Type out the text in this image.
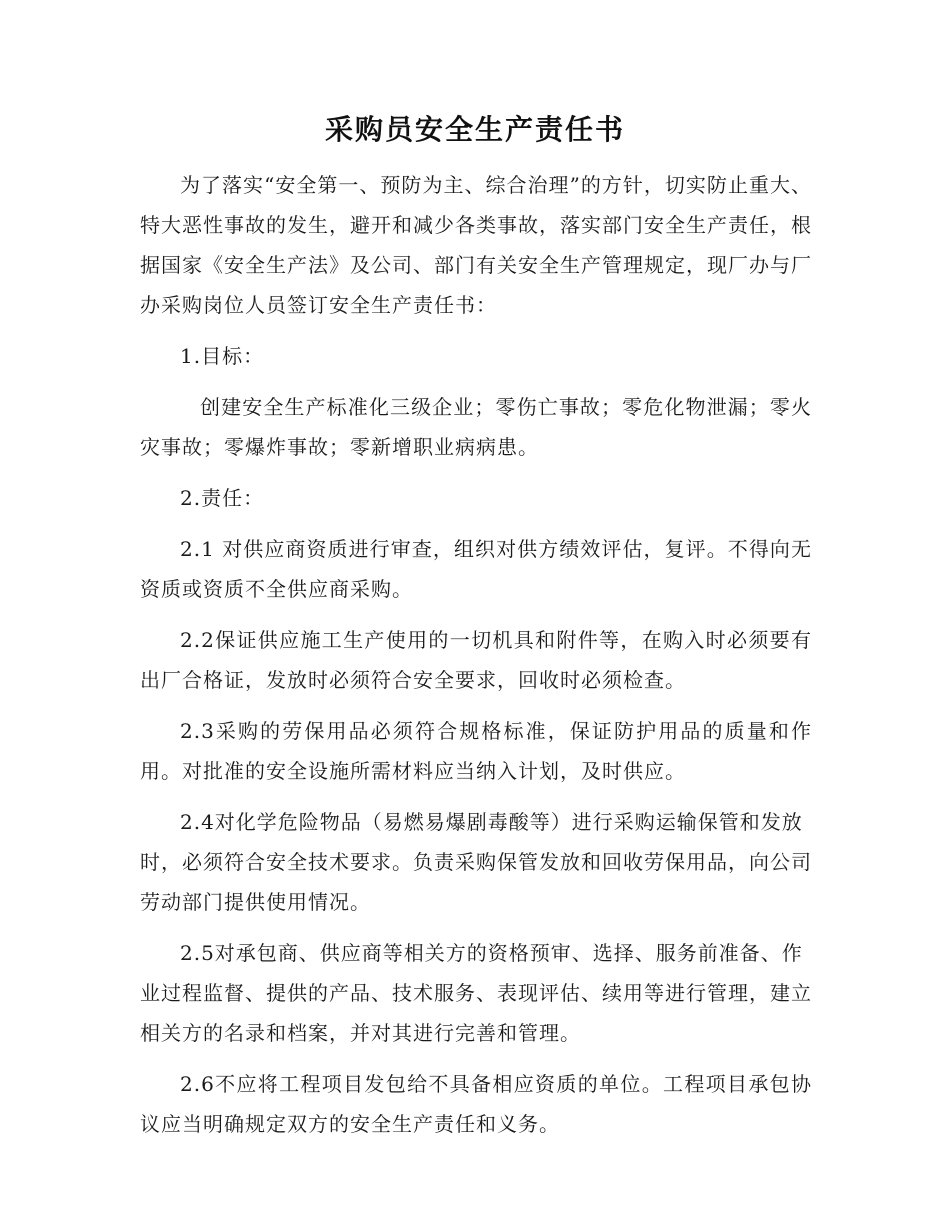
采购员安全生产责任书

为了落实“安全第一、预防为主、综合治理”的方针，切实防止重大、特大恶性事故的发生，避开和减少各类事故，落实部门安全生产责任，根据国家《安全生产法》及公司、部门有关安全生产管理规定，现厂办与厂办采购岗位人员签订安全生产责任书：

1.目标：

创建安全生产标准化三级企业；零伤亡事故；零危化物泄漏；零火灾事故；零爆炸事故；零新增职业病病患。

2.责任：

2.1 对供应商资质进行审查，组织对供方绩效评估，复评。不得向无资质或资质不全供应商采购。

2.2保证供应施工生产使用的一切机具和附件等，在购入时必须要有出厂合格证，发放时必须符合安全要求，回收时必须检查。

2.3采购的劳保用品必须符合规格标准，保证防护用品的质量和作用。对批准的安全设施所需材料应当纳入计划，及时供应。

2.4对化学危险物品（易燃易爆剧毒酸等）进行采购运输保管和发放时，必须符合安全技术要求。负责采购保管发放和回收劳保用品，向公司劳动部门提供使用情况。

2.5对承包商、供应商等相关方的资格预审、选择、服务前准备、作业过程监督、提供的产品、技术服务、表现评估、续用等进行管理，建立相关方的名录和档案，并对其进行完善和管理。

2.6不应将工程项目发包给不具备相应资质的单位。工程项目承包协议应当明确规定双方的安全生产责任和义务。
